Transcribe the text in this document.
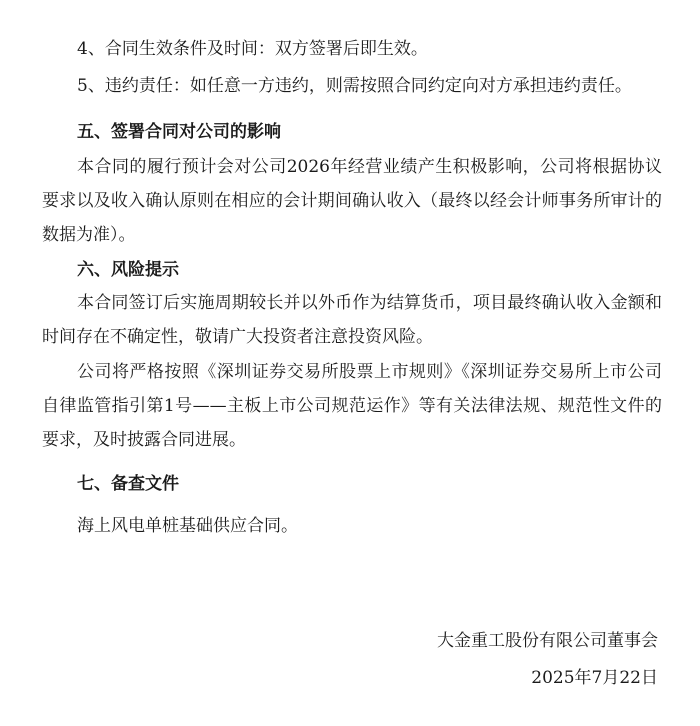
4、合同生效条件及时间：双方签署后即生效。
5、违约责任：如任意一方违约，则需按照合同约定向对方承担违约责任。
五、签署合同对公司的影响
本合同的履行预计会对公司2026年经营业绩产生积极影响，公司将根据协议要求以及收入确认原则在相应的会计期间确认收入（最终以经会计师事务所审计的数据为准）。
六、风险提示
本合同签订后实施周期较长并以外币作为结算货币，项目最终确认收入金额和时间存在不确定性，敬请广大投资者注意投资风险。
公司将严格按照《深圳证券交易所股票上市规则》《深圳证券交易所上市公司自律监管指引第1号——主板上市公司规范运作》等有关法律法规、规范性文件的要求，及时披露合同进展。
七、备查文件
海上风电单桩基础供应合同。
大金重工股份有限公司董事会
2025年7月22日
